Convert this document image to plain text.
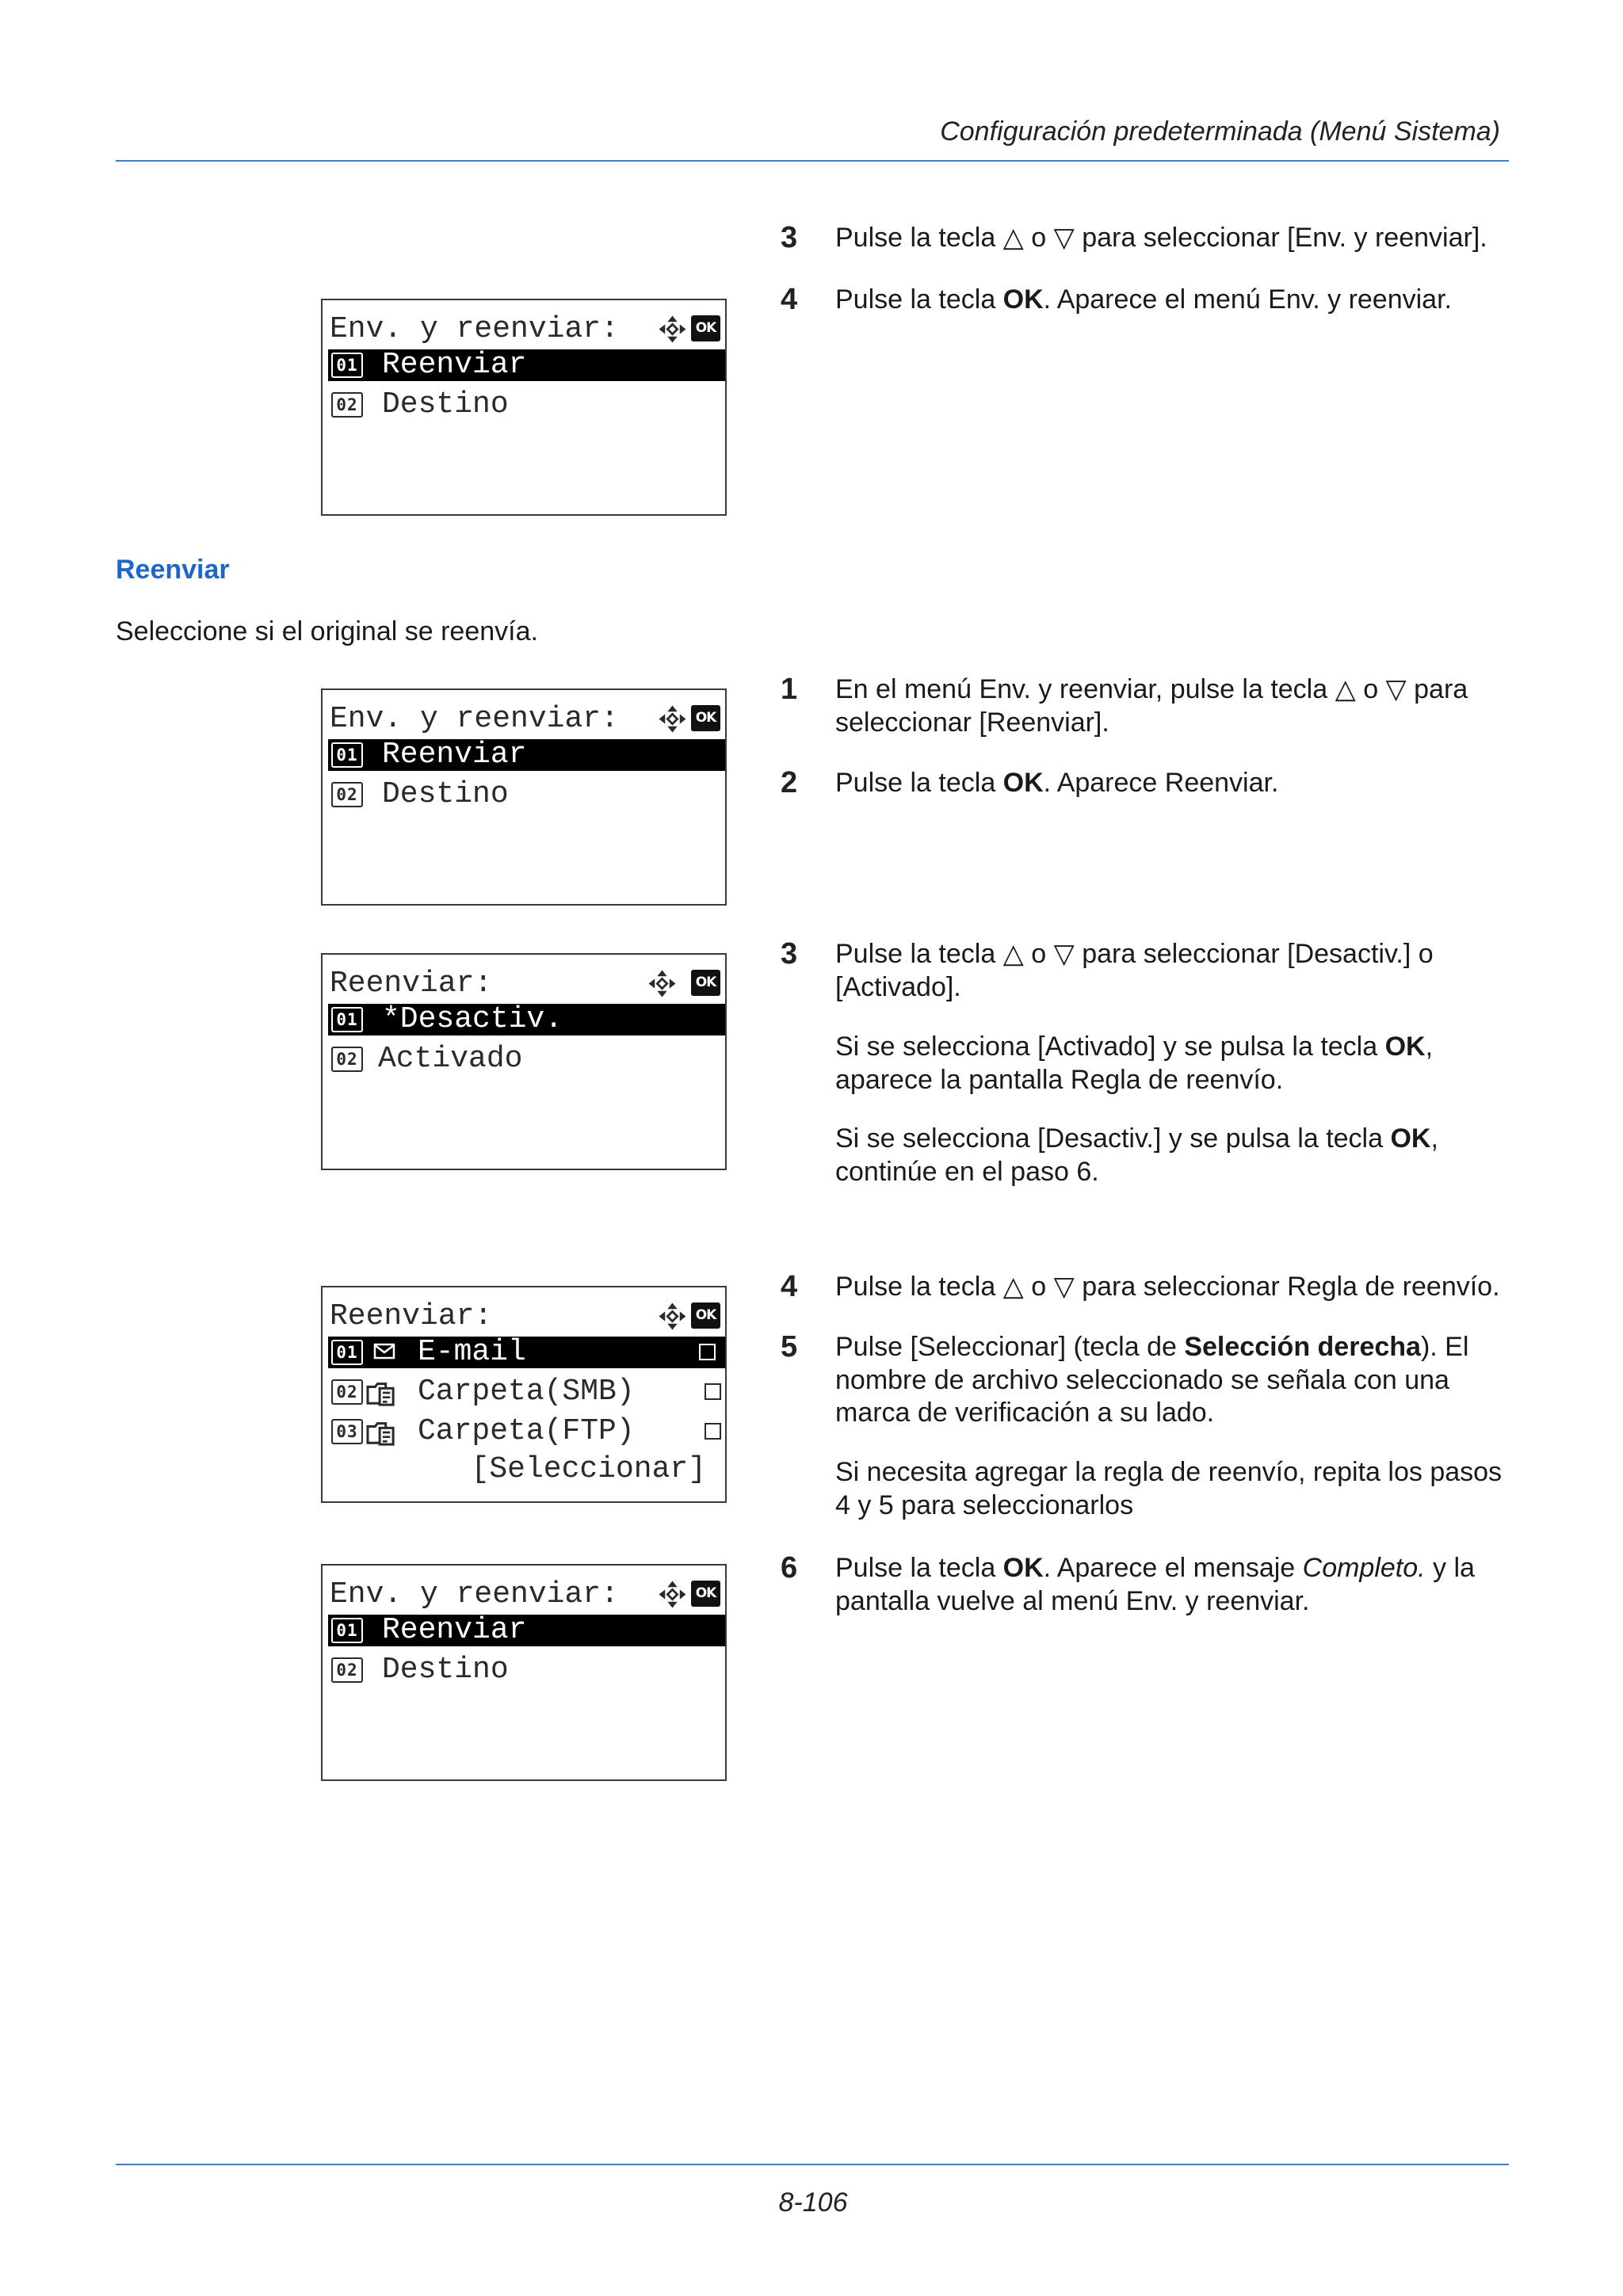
Configuración predeterminada (Menú Sistema)
Env. y reenviar:	OK
01 Reenviar
02 Destino
3 Pulse la tecla △ o ▽ para seleccionar [Env. y reenviar].
4 Pulse la tecla OK. Aparece el menú Env. y reenviar.
Reenviar
Seleccione si el original se reenvía.
Env. y reenviar:	OK
01 Reenviar
02 Destino
1 En el menú Env. y reenviar, pulse la tecla △ o ▽ para
seleccionar [Reenviar].
2 Pulse la tecla OK. Aparece Reenviar.
Reenviar:	OK
01 *Desactiv.
02 Activado
3 Pulse la tecla △ o ▽ para seleccionar [Desactiv.] o
[Activado].
Si se selecciona [Activado] y se pulsa la tecla OK,
aparece la pantalla Regla de reenvío.
Si se selecciona [Desactiv.] y se pulsa la tecla OK,
continúe en el paso 6.
Reenviar:	OK
01 E-mail
02 Carpeta(SMB)
03 Carpeta(FTP)
[Seleccionar]
4 Pulse la tecla △ o ▽ para seleccionar Regla de reenvío.
5 Pulse [Seleccionar] (tecla de Selección derecha). El
nombre de archivo seleccionado se señala con una
marca de verificación a su lado.
Si necesita agregar la regla de reenvío, repita los pasos
4 y 5 para seleccionarlos
Env. y reenviar:	OK
01 Reenviar
02 Destino
6 Pulse la tecla OK. Aparece el mensaje Completo. y la
pantalla vuelve al menú Env. y reenviar.
8-106
